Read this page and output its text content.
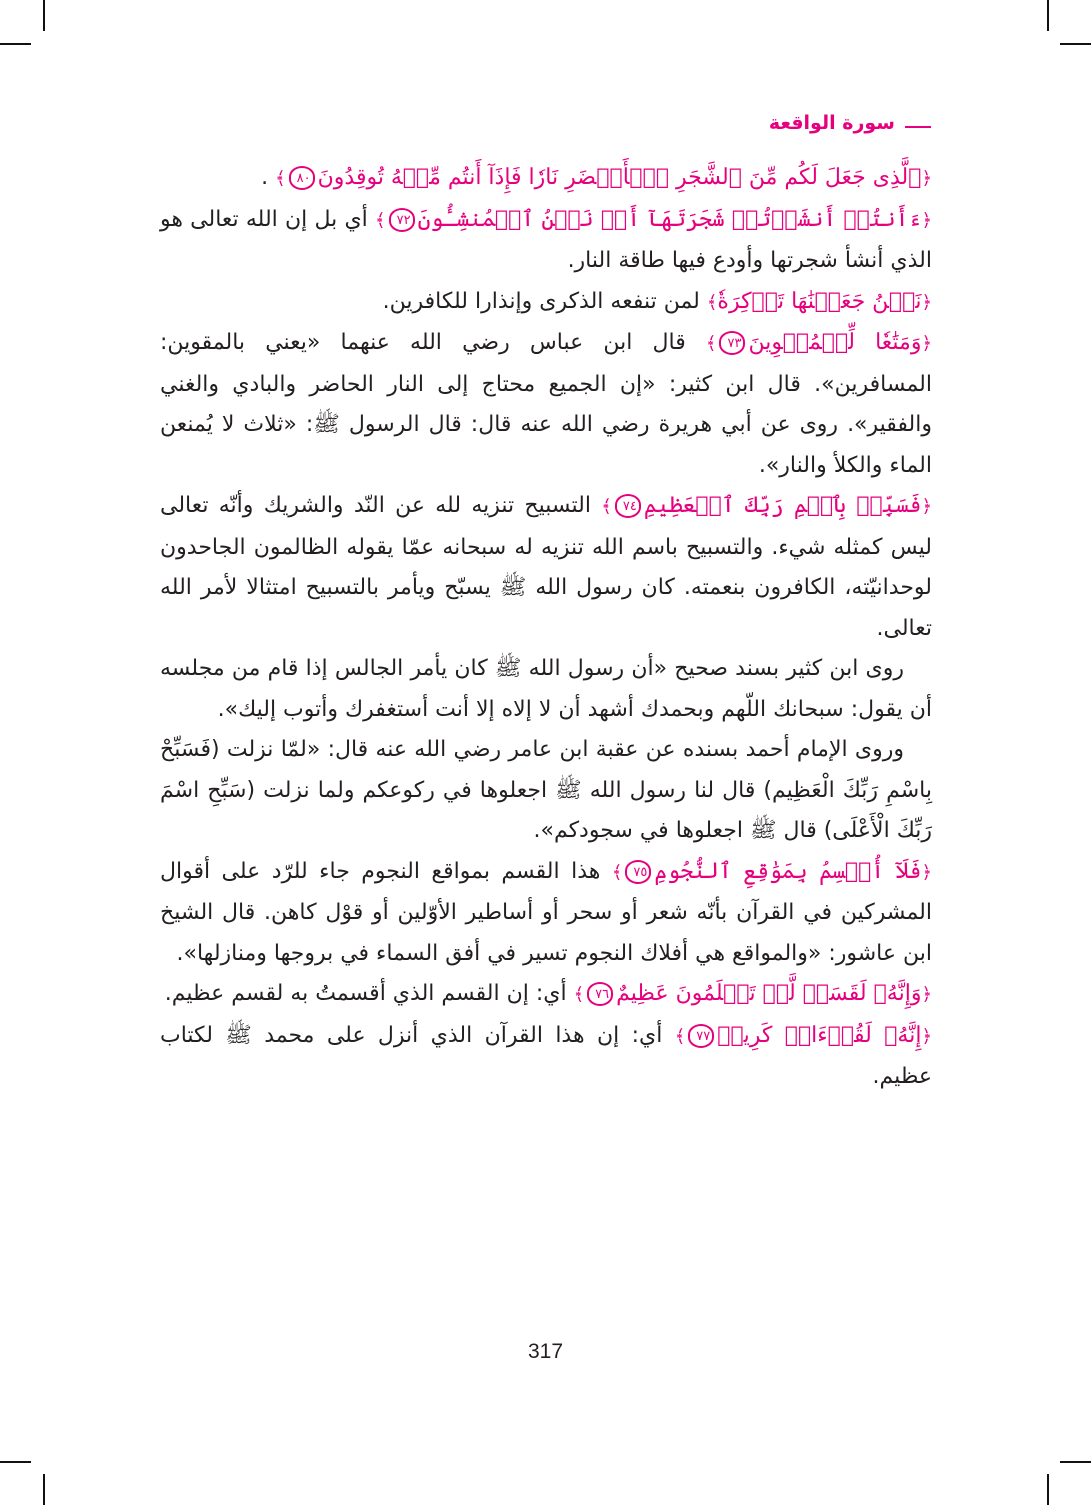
سورة الواقعة

﴿ٱلَّذِى جَعَلَ لَكُم مِّنَ ٱلشَّجَرِ ٱلۡأَخۡضَرِ نَارٗا فَإِذَآ أَنتُم مِّنۡهُ تُوقِدُونَ٨٠﴾ .

﴿ءَأَنتُمۡ أَنشَأۡتُمۡ شَجَرَتَهَآ أَمۡ نَحۡنُ ٱلۡمُنشِـُٔونَ٧٢﴾ أي بل إن الله تعالى هو الذي أنشأ شجرتها وأودع فيها طاقة النار.

﴿نَحۡنُ جَعَلۡنَٰهَا تَذۡكِرَةٗ﴾ لمن تنفعه الذكرى وإنذارا للكافرين.

﴿وَمَتَٰعٗا لِّلۡمُقۡوِينَ٧٣﴾ قال ابن عباس رضي الله عنهما «يعني بالمقوين: المسافرين». قال ابن كثير: «إن الجميع محتاج إلى النار الحاضر والبادي والغني والفقير». روى عن أبي هريرة رضي الله عنه قال: قال الرسول ﷺ: «ثلاث لا يُمنعن الماء والكلأ والنار».

﴿فَسَبِّحۡ بِٱسۡمِ رَبِّكَ ٱلۡعَظِيمِ٧٤﴾ التسبيح تنزيه لله عن النّد والشريك وأنّه تعالى ليس كمثله شيء. والتسبيح باسم الله تنزيه له سبحانه عمّا يقوله الظالمون الجاحدون لوحدانيّته، الكافرون بنعمته. كان رسول الله ﷺ يسبّح ويأمر بالتسبيح امتثالا لأمر الله تعالى.

روى ابن كثير بسند صحيح «أن رسول الله ﷺ كان يأمر الجالس إذا قام من مجلسه أن يقول: سبحانك اللّهم وبحمدك أشهد أن لا إلاه إلا أنت أستغفرك وأتوب إليك».

وروى الإمام أحمد بسنده عن عقبة ابن عامر رضي الله عنه قال: «لمّا نزلت (فَسَبِّحْ بِاسْمِ رَبِّكَ الْعَظِيم) قال لنا رسول الله ﷺ اجعلوها في ركوعكم ولما نزلت (سَبِّحِ اسْمَ رَبِّكَ الْأَعْلَى) قال ﷺ اجعلوها في سجودكم».

﴿فَلَآ أُقۡسِمُ بِمَوَٰقِعِ ٱلنُّجُومِ٧٥﴾ هذا القسم بمواقع النجوم جاء للرّد على أقوال المشركين في القرآن بأنّه شعر أو سحر أو أساطير الأوّلين أو قوْل كاهن. قال الشيخ ابن عاشور: «والمواقع هي أفلاك النجوم تسير في أفق السماء في بروجها ومنازلها».

﴿وَإِنَّهُۥ لَقَسَمٞ لَّوۡ تَعۡلَمُونَ عَظِيمٌ٧٦﴾ أي: إن القسم الذي أقسمتُ به لقسم عظيم.

﴿إِنَّهُۥ لَقُرۡءَانٞ كَرِيمٞ٧٧﴾ أي: إن هذا القرآن الذي أنزل على محمد ﷺ لكتاب عظيم.

317
